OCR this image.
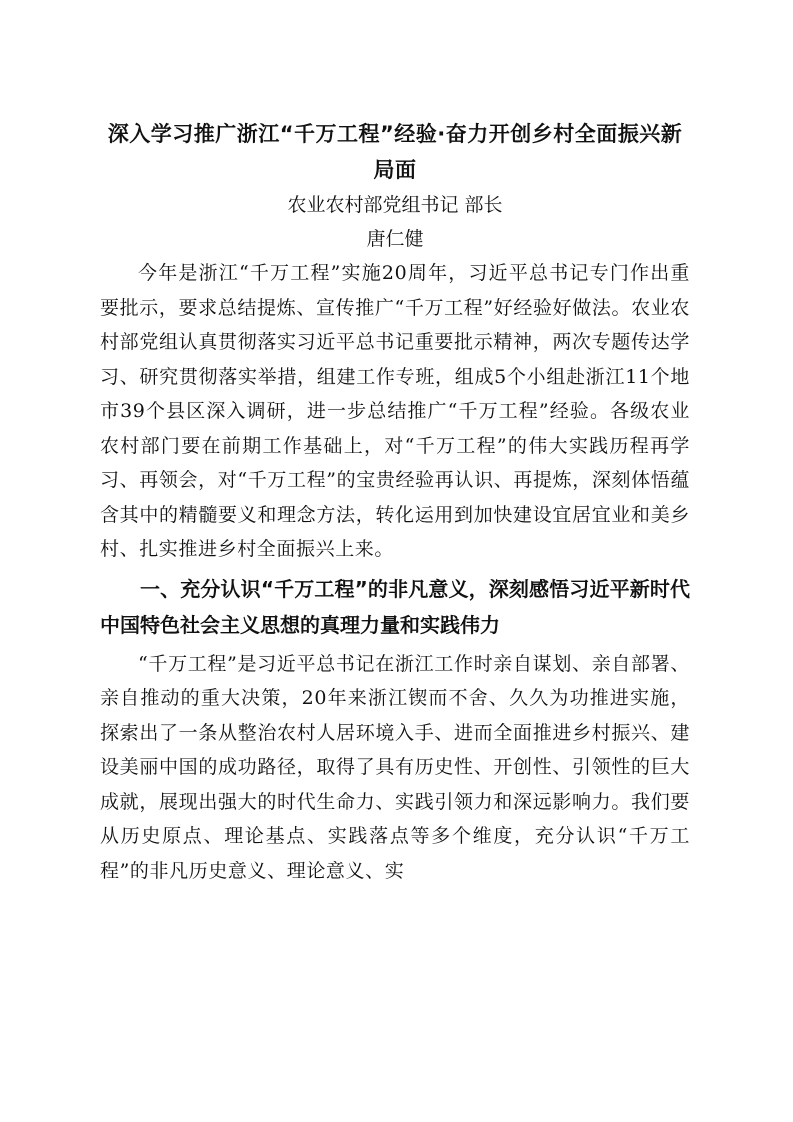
深入学习推广浙江“千万工程”经验·奋力开创乡村全面振兴新
局面

农业农村部党组书记 部长

唐仁健

今年是浙江“千万工程”实施20周年，习近平总书记专门作出重要批示，要求总结提炼、宣传推广“千万工程”好经验好做法。农业农村部党组认真贯彻落实习近平总书记重要批示精神，两次专题传达学习、研究贯彻落实举措，组建工作专班，组成5个小组赴浙江11个地市39个县区深入调研，进一步总结推广“千万工程”经验。各级农业农村部门要在前期工作基础上，对“千万工程”的伟大实践历程再学习、再领会，对“千万工程”的宝贵经验再认识、再提炼，深刻体悟蕴含其中的精髓要义和理念方法，转化运用到加快建设宜居宜业和美乡村、扎实推进乡村全面振兴上来。

一、充分认识“千万工程”的非凡意义，深刻感悟习近平新时代中国特色社会主义思想的真理力量和实践伟力

“千万工程”是习近平总书记在浙江工作时亲自谋划、亲自部署、亲自推动的重大决策，20年来浙江锲而不舍、久久为功推进实施，探索出了一条从整治农村人居环境入手、进而全面推进乡村振兴、建设美丽中国的成功路径，取得了具有历史性、开创性、引领性的巨大成就，展现出强大的时代生命力、实践引领力和深远影响力。我们要从历史原点、理论基点、实践落点等多个维度，充分认识“千万工程”的非凡历史意义、理论意义、实
